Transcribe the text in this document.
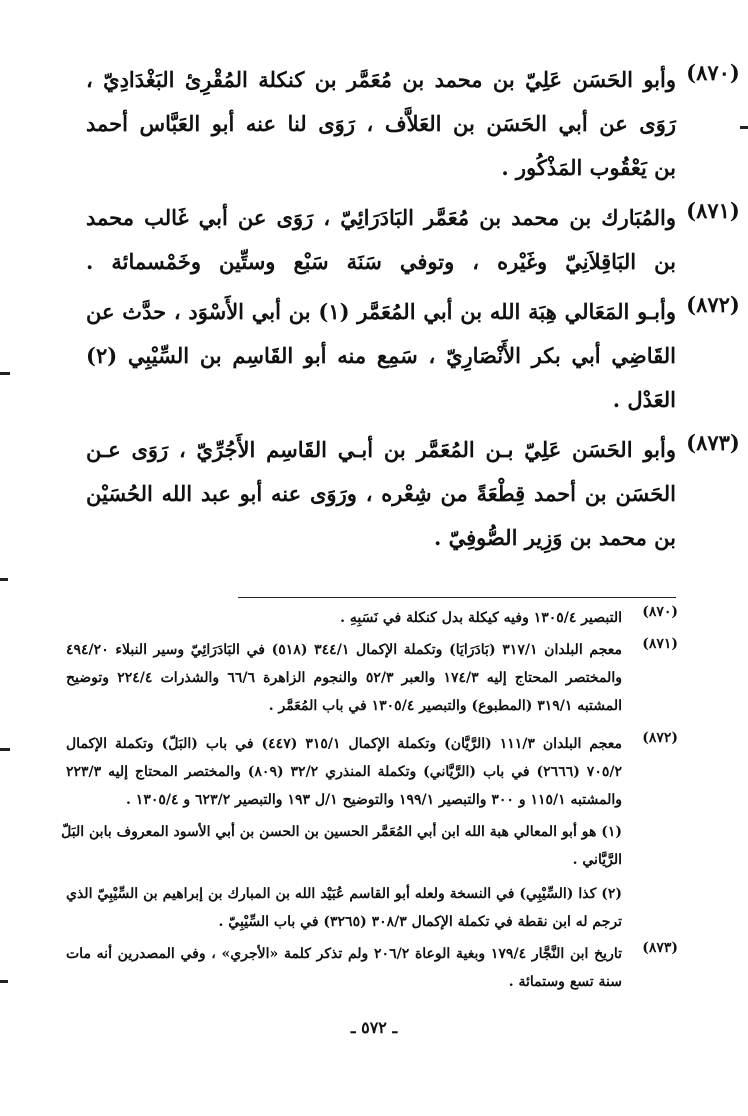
(٨٧٠)
وأبو الحَسَن عَلِيّ بن محمد بن مُعَمَّر بن كنكلة المُقْرِئ البَغْدَادِيّ ،
رَوَى عن أبي الحَسَن بن العَلاَّف ، رَوَى لنا عنه أبو العَبَّاس أحمد
بن يَعْقُوب المَذْكُور .
(٨٧١)
والمُبَارك بن محمد بن مُعَمَّر البَادَرَائِيّ ، رَوَى عن أبي غَالب محمد
بن البَاقِلاَنِيّ وغَيْره ، وتوفي سَنَة سَبْع وستِّين وخَمْسمائة .
(٨٧٢)
وأبـو المَعَالي هِبَة الله بن أبي المُعَمَّر (١) بن أبي الأَسْوَد ، حدَّث عن
القَاضِي أبي بكر الأَنْصَارِيّ ، سَمِع منه أبو القَاسِم بن السِّيْبِي (٢)
العَدْل .
(٨٧٣)
وأبو الحَسَن عَلِيّ بـن المُعَمَّر بن أبـي القَاسِم الأَجُرِّيّ ، رَوَى عـن
الحَسَن بن أحمد قِطْعَةً من شِعْره ، ورَوَى عنه أبو عبد الله الحُسَيْن
بن محمد بن وَزِير الصُّوفِيّ .
(٨٧٠)
التبصير ١٣٠٥/٤ وفيه كيكلة بدل كنكلة في نَسَبِهِ .
(٨٧١)
معجم البلدان ٣١٧/١ (بَادَرَايَا) وتكملة الإكمال ٣٤٤/١ (٥١٨) في البَادَرَائِيّ وسير النبلاء ٤٩٤/٢٠
والمختصر المحتاج إليه ١٧٤/٣ والعبر ٥٢/٣ والنجوم الزاهرة ٦٦/٦ والشذرات ٢٢٤/٤ وتوضيح
المشتبه ٣١٩/١ (المطبوع) والتبصير ١٣٠٥/٤ في باب المُعَمَّر .
(٨٧٢)
معجم البلدان ١١١/٣ (الرَّيَّان) وتكملة الإكمال ٣١٥/١ (٤٤٧) في باب (البَلّ) وتكملة الإكمال
٧٠٥/٢ (٢٦٦٦) في باب (الرَّيَّاني) وتكملة المنذري ٣٢/٢ (٨٠٩) والمختصر المحتاج إليه ٢٢٣/٣
والمشتبه ١١٥/١ و ٣٠٠ والتبصير ١٩٩/١ والتوضيح ١/ل ١٩٣ والتبصير ٦٢٣/٢ و ١٣٠٥/٤ .
(١) هو أبو المعالي هبة الله ابن أبي المُعَمَّر الحسين بن الحسن بن أبي الأسود المعروف بابن البَلّ
الرَّيَّاني .
(٢) كذا (السِّيْبِي) في النسخة ولعله أبو القاسم عُبَيْد الله بن المبارك بن إبراهيم بن السِّيْبِيّ الذي
ترجم له ابن نقطة في تكملة الإكمال ٣٠٨/٣ (٣٢٦٥) في باب السِّيْبِيّ .
(٨٧٣)
تاريخ ابن النَّجَّار ١٧٩/٤ وبغية الوعاة ٢٠٦/٢ ولم تذكر كلمة «الأجري» ، وفي المصدرين أنه مات
سنة تسع وستمائة .
ـ ٥٧٢ ـ
